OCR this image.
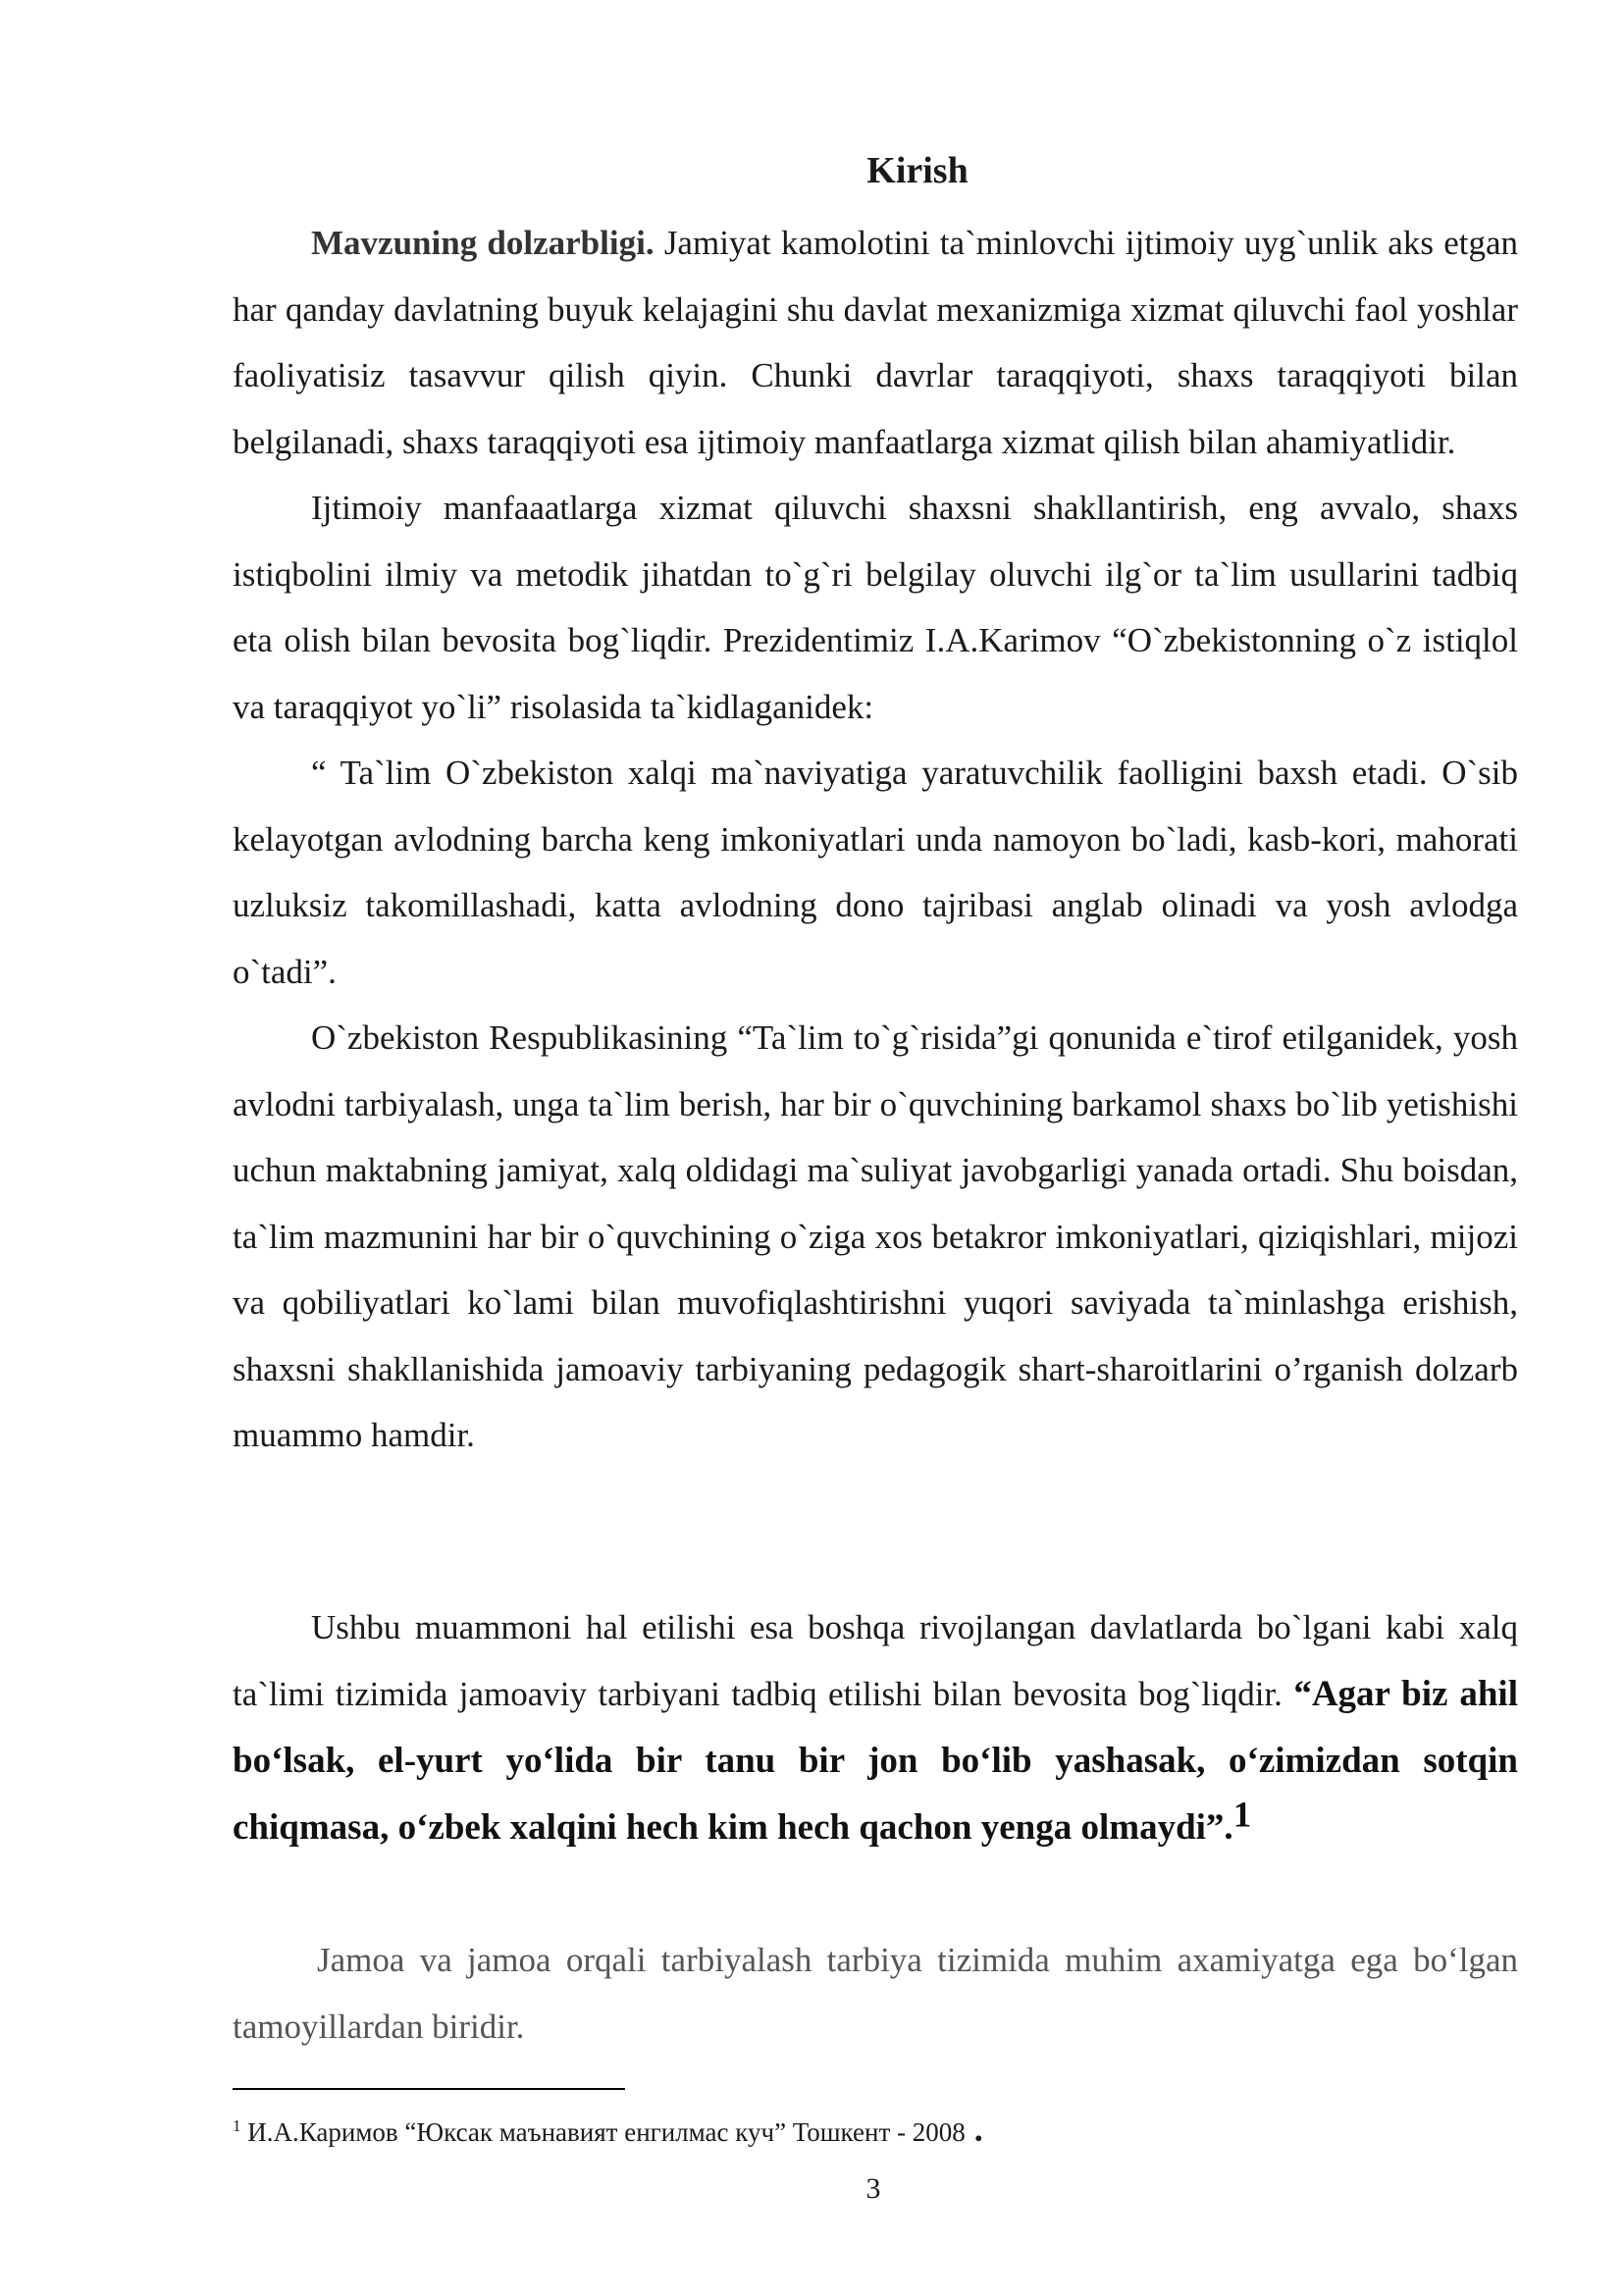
Kirish

Mavzuning dolzarbligi. Jamiyat kamolotini ta`minlovchi ijtimoiy uyg`unlik aks etgan har qanday davlatning buyuk kelajagini shu davlat mexanizmiga xizmat qiluvchi faol yoshlar faoliyatisiz tasavvur qilish qiyin. Chunki davrlar taraqqiyoti, shaxs taraqqiyoti bilan belgilanadi, shaxs taraqqiyoti esa ijtimoiy manfaatlarga xizmat qilish bilan ahamiyatlidir.

Ijtimoiy manfaaatlarga xizmat qiluvchi shaxsni shakllantirish, eng avvalo, shaxs istiqbolini ilmiy va metodik jihatdan to`g`ri belgilay oluvchi ilg`or ta`lim usullarini tadbiq eta olish bilan bevosita bog`liqdir. Prezidentimiz I.A.Karimov “O`zbekistonning o`z istiqlol va taraqqiyot yo`li” risolasida ta`kidlaganidek:

“ Ta`lim O`zbekiston xalqi ma`naviyatiga yaratuvchilik faolligini baxsh etadi. O`sib kelayotgan avlodning barcha keng imkoniyatlari unda namoyon bo`ladi, kasb-kori, mahorati uzluksiz takomillashadi, katta avlodning dono tajribasi anglab olinadi va yosh avlodga o`tadi”.

O`zbekiston Respublikasining “Ta`lim to`g`risida”gi qonunida e`tirof etilganidek, yosh avlodni tarbiyalash, unga ta`lim berish, har bir o`quvchining barkamol shaxs bo`lib yetishishi uchun maktabning jamiyat, xalq oldidagi ma`suliyat javobgarligi yanada ortadi. Shu boisdan, ta`lim mazmunini har bir o`quvchining o`ziga xos betakror imkoniyatlari, qiziqishlari, mijozi va qobiliyatlari ko`lami bilan muvofiqlashtirishni yuqori saviyada ta`minlashga erishish, shaxsni shakllanishida jamoaviy tarbiyaning pedagogik shart-sharoitlarini o’rganish dolzarb muammo hamdir.

Ushbu muammoni hal etilishi esa boshqa rivojlangan davlatlarda bo`lgani kabi xalq ta`limi tizimida jamoaviy tarbiyani tadbiq etilishi bilan bevosita bog`liqdir. “Agar biz ahil bo‘lsak, el-yurt yo‘lida bir tanu bir jon bo‘lib yashasak, o‘zimizdan sotqin chiqmasa, o‘zbek xalqini hech kim hech qachon yenga olmaydi”.$^1$

Jamoa va jamoa orqali tarbiyalash tarbiya tizimida muhim axamiyatga ega bo‘lgan tamoyillardan biridir.

$^1$ И.А.Каримов “Юксак маънавият енгилмас куч” Тошкент - 2008 .
3
